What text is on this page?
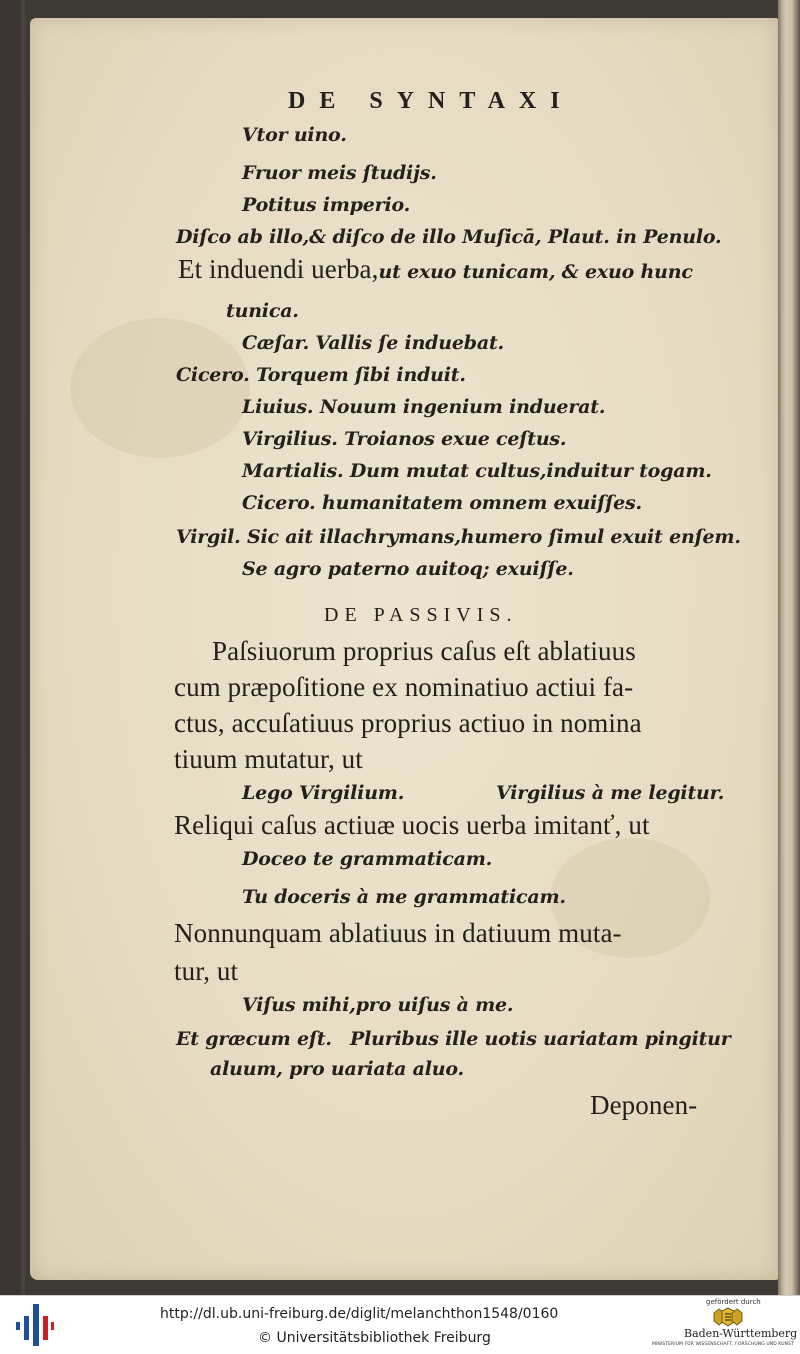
DE SYNTAXI
Vtor uino.
Fruor meis ſtudijs.
Potitus imperio.
Diſco ab illo,& diſco de illo Muſicā, Plaut. in Penulo.
Et induendi uerba,ut exuo tunicam, & exuo hunc
tunica.
Cæſar. Vallis ſe induebat.
Cicero. Torquem ſibi induit.
Liuius. Nouum ingenium induerat.
Virgilius. Troianos exue ceſtus.
Martialis. Dum mutat cultus,induitur togam.
Cicero. humanitatem omnem exuiſſes.
Virgil. Sic ait illachrymans,humero ſimul exuit enſem.
Se agro paterno auitoq; exuiſſe.
DE PASSIVIS.
Paſsiuorum proprius caſus eſt ablatiuus
cum præpoſitione ex nominatiuo actiui fa-
ctus, accuſatiuus proprius actiuo in nomina
tiuum mutatur, ut
Lego Virgilium.	Virgilius à me legitur.
Reliqui caſus actiuæ uocis uerba imitanť, ut
Doceo te grammaticam.
Tu doceris à me grammaticam.
Nonnunquam ablatiuus in datiuum muta-
tur, ut
Viſus mihi,pro uiſus à me.
Et græcum eſt. Pluribus ille uotis uariatam pingitur
aluum, pro uariata aluo.
Deponen-
http://dl.ub.uni-freiburg.de/diglit/melanchthon1548/0160
© Universitätsbibliothek Freiburg
gefördert durch
Baden-Württemberg
MINISTERIUM FÜR WISSENSCHAFT, FORSCHUNG UND KUNST
